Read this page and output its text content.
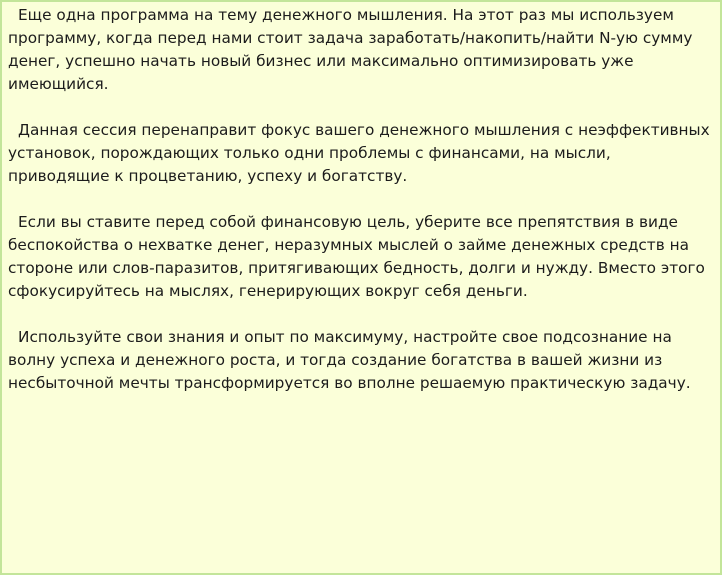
Еще одна программа на тему денежного мышления. На этот раз мы используем программу, когда перед нами стоит задача заработать/накопить/найти N-ую сумму денег, успешно начать новый бизнес или максимально оптимизировать уже имеющийся.

Данная сессия перенаправит фокус вашего денежного мышления с неэффективных установок, порождающих только одни проблемы с финансами, на мысли, приводящие к процветанию, успеху и богатству.

Если вы ставите перед собой финансовую цель, уберите все препятствия в виде беспокойства о нехватке денег, неразумных мыслей о займе денежных средств на стороне или слов-паразитов, притягивающих бедность, долги и нужду. Вместо этого сфокусируйтесь на мыслях, генерирующих вокруг себя деньги.

Используйте свои знания и опыт по максимуму, настройте свое подсознание на волну успеха и денежного роста, и тогда создание богатства в вашей жизни из несбыточной мечты трансформируется во вполне решаемую практическую задачу.
